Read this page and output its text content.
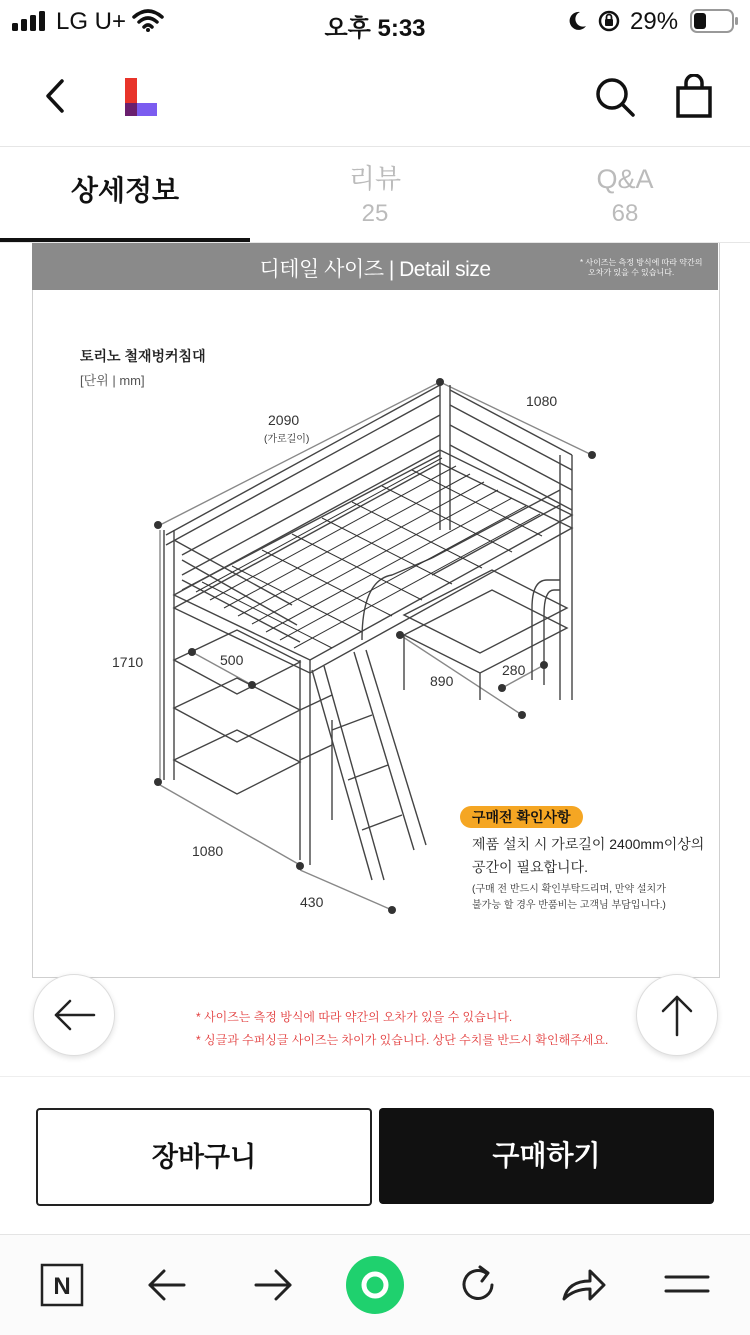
LG U+	오후 5:33	29%
상세정보	리뷰
25
Q&A
68
디테일 사이즈 | Detail size	* 사이즈는 측정 방식에 따라 약간의
오차가 있을 수 있습니다.
토리노 철재벙커침대
[단위 | mm]
2090
(가로길이)
1080
1710	500
890
280
1080
430
구매전 확인사항
제품 설치 시 가로길이 2400mm이상의
공간이 필요합니다.
(구매 전 반드시 확인부탁드리며, 만약 설치가
불가능 할 경우 반품비는 고객님 부담입니다.)
* 사이즈는 측정 방식에 따라 약간의 오차가 있을 수 있습니다.
* 싱글과 수퍼싱글 사이즈는 차이가 있습니다. 상단 수치를 반드시 확인해주세요.
장바구니	구매하기
N
